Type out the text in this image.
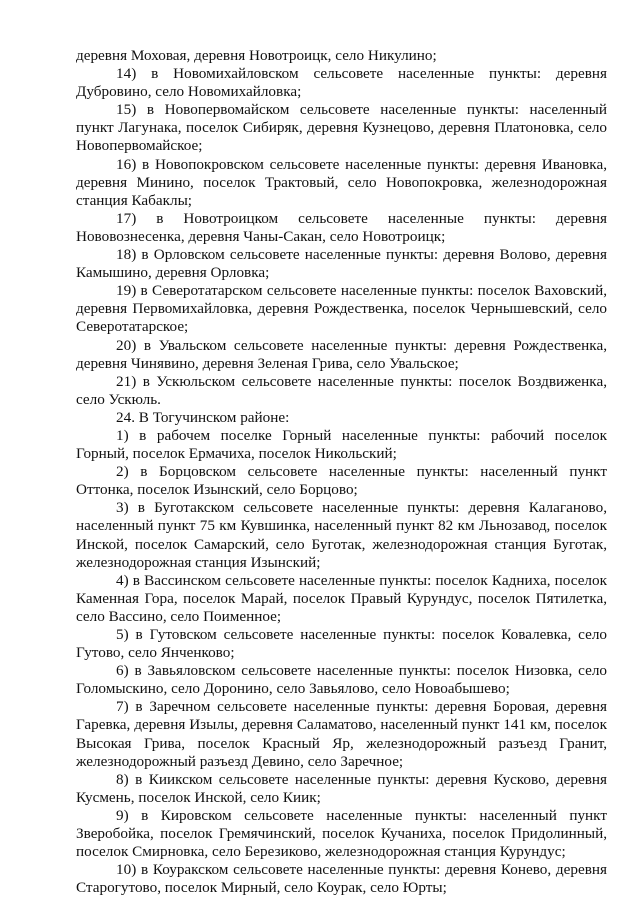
деревня Моховая, деревня Новотроицк, село Никулино;

14) в Новомихайловском сельсовете населенные пункты: деревня Дубровино, село Новомихайловка;

15) в Новопервомайском сельсовете населенные пункты: населенный пункт Лагунака, поселок Сибиряк, деревня Кузнецово, деревня Платоновка, село Новопервомайское;

16) в Новопокровском сельсовете населенные пункты: деревня Ивановка, деревня Минино, поселок Трактовый, село Новопокровка, железнодорожная станция Кабаклы;

17) в Новотроицком сельсовете населенные пункты: деревня Нововознесенка, деревня Чаны-Сакан, село Новотроицк;

18) в Орловском сельсовете населенные пункты: деревня Волово, деревня Камышино, деревня Орловка;

19) в Северотатарском сельсовете населенные пункты: поселок Ваховский, деревня Первомихайловка, деревня Рождественка, поселок Чернышевский, село Северотатарское;

20) в Увальском сельсовете населенные пункты: деревня Рождественка, деревня Чинявино, деревня Зеленая Грива, село Увальское;

21) в Ускюльском сельсовете населенные пункты: поселок Воздвиженка, село Ускюль.

24. В Тогучинском районе:

1) в рабочем поселке Горный населенные пункты: рабочий поселок Горный, поселок Ермачиха, поселок Никольский;

2) в Борцовском сельсовете населенные пункты: населенный пункт Оттонка, поселок Изынский, село Борцово;

3) в Буготакском сельсовете населенные пункты: деревня Калаганово, населенный пункт 75 км Кувшинка, населенный пункт 82 км Льнозавод, поселок Инской, поселок Самарский, село Буготак, железнодорожная станция Буготак, железнодорожная станция Изынский;

4) в Вассинском сельсовете населенные пункты: поселок Кадниха, поселок Каменная Гора, поселок Марай, поселок Правый Курундус, поселок Пятилетка, село Вассино, село Поименное;

5) в Гутовском сельсовете населенные пункты: поселок Ковалевка, село Гутово, село Янченково;

6) в Завьяловском сельсовете населенные пункты: поселок Низовка, село Голомыскино, село Доронино, село Завьялово, село Новоабышево;

7) в Заречном сельсовете населенные пункты: деревня Боровая, деревня Гаревка, деревня Изылы, деревня Саламатово, населенный пункт 141 км, поселок Высокая Грива, поселок Красный Яр, железнодорожный разъезд Гранит, железнодорожный разъезд Девино, село Заречное;

8) в Киикском сельсовете населенные пункты: деревня Кусково, деревня Кусмень, поселок Инской, село Киик;

9) в Кировском сельсовете населенные пункты: населенный пункт Зверобойка, поселок Гремячинский, поселок Кучаниха, поселок Придолинный, поселок Смирновка, село Березиково, железнодорожная станция Курундус;

10) в Коуракском сельсовете населенные пункты: деревня Конево, деревня Старогутово, поселок Мирный, село Коурак, село Юрты;
